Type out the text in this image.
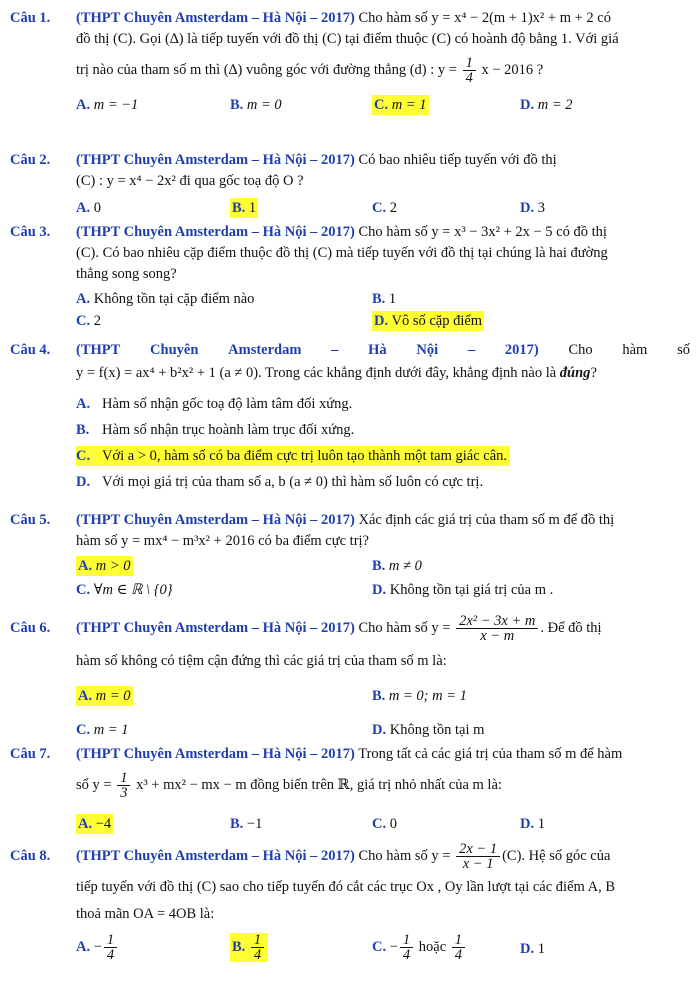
Câu 1.	(THPT Chuyên Amsterdam – Hà Nội – 2017) Cho hàm số y = x⁴ − 2(m + 1)x² + m + 2 có
đồ thị (C). Gọi (∆) là tiếp tuyến với đồ thị (C) tại điểm thuộc (C) có hoành độ bằng 1. Với giá
trị nào của tham số m thì (∆) vuông góc với đường thẳng (d) : $y = \frac{1}{4}$ x − 2016 ?
A. m = −1	B. m = 0	C. m = 1	D. m = 2
Câu 2.	(THPT Chuyên Amsterdam – Hà Nội – 2017) Có bao nhiêu tiếp tuyến với đồ thị
(C) : y = x⁴ − 2x² đi qua gốc toạ độ O ?
A. 0	B. 1	C. 2	D. 3
Câu 3.	(THPT Chuyên Amsterdam – Hà Nội – 2017) Cho hàm số y = x³ − 3x² + 2x − 5 có đồ thị
(C). Có bao nhiêu cặp điểm thuộc đồ thị (C) mà tiếp tuyến với đồ thị tại chúng là hai đường
thẳng song song?
A. Không tồn tại cặp điểm nào	B. 1
C. 2	D. Vô số cặp điểm
Câu 4.	(THPT Chuyên Amsterdam – Hà Nội – 2017) Cho hàm số
y = f(x) = ax⁴ + b²x² + 1 (a ≠ 0). Trong các khẳng định dưới đây, khẳng định nào là đúng?
A. Hàm số nhận gốc toạ độ làm tâm đối xứng.
B. Hàm số nhận trục hoành làm trục đối xứng.
C. Với a > 0, hàm số có ba điểm cực trị luôn tạo thành một tam giác cân.
D. Với mọi giá trị của tham số a, b (a ≠ 0) thì hàm số luôn có cực trị.
Câu 5.	(THPT Chuyên Amsterdam – Hà Nội – 2017) Xác định các giá trị của tham số m để đồ thị
hàm số y = mx⁴ − m³x² + 2016 có ba điểm cực trị?
A. m > 0	B. m ≠ 0
C. ∀m ∈ ℝ \ {0}	D. Không tồn tại giá trị của m .
Câu 6.	(THPT Chuyên Amsterdam – Hà Nội – 2017) Cho hàm số $y = \frac{\text{2x² − 3x + m}}{x - m}$ . Để đồ thị
hàm số không có tiệm cận đứng thì các giá trị của tham số m là:
A. m = 0	B. m = 0; m = 1
C. m = 1	D. Không tồn tại m
Câu 7.	(THPT Chuyên Amsterdam – Hà Nội – 2017) Trong tất cả các giá trị của tham số m để hàm
số $y = \frac{1}{3} x^3 + mx^2$ − mx − m đồng biến trên ℝ, giá trị nhỏ nhất của m là:
A. −4	B. −1	C. 0	D. 1
Câu 8.	(THPT Chuyên Amsterdam – Hà Nội – 2017) Cho hàm số $y = \frac{2x - 1}{x - 1} (C)$. Hệ số góc của
tiếp tuyến với đồ thị (C) sao cho tiếp tuyến đó cắt các trục Ox , Oy lần lượt tại các điểm A, B
thoả mãn OA = 4OB là:
A. − $\frac{1}{4}$	B. $\frac{1}{4}$	C. − $\frac{1}{4}$ hoặc $\frac{1}{4}$	D. 1
